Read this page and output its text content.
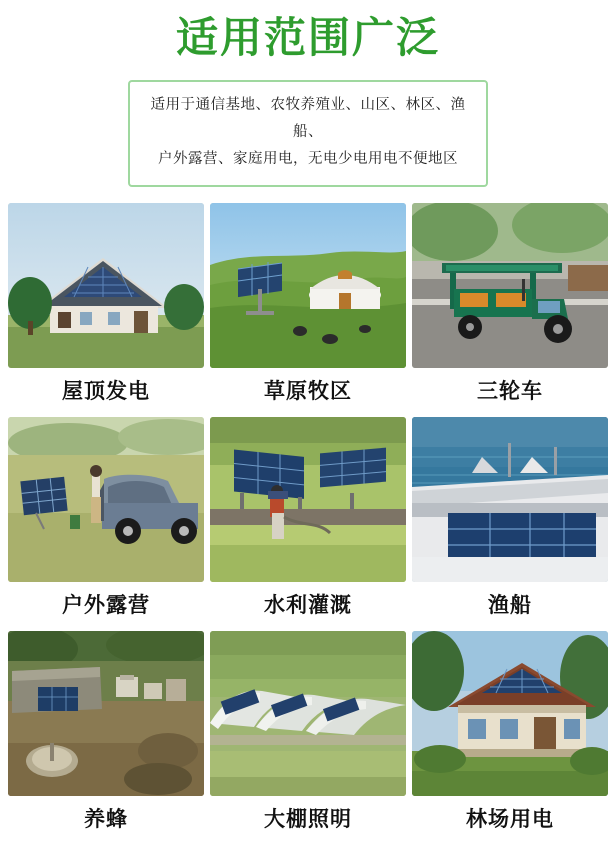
适用范围广泛
适用于通信基地、农牧养殖业、山区、林区、渔船、
户外露营、家庭用电，无电少电用电不便地区
屋顶发电	草原牧区	三轮车
户外露营	水利灌溉	渔船
养蜂	大棚照明	林场用电
